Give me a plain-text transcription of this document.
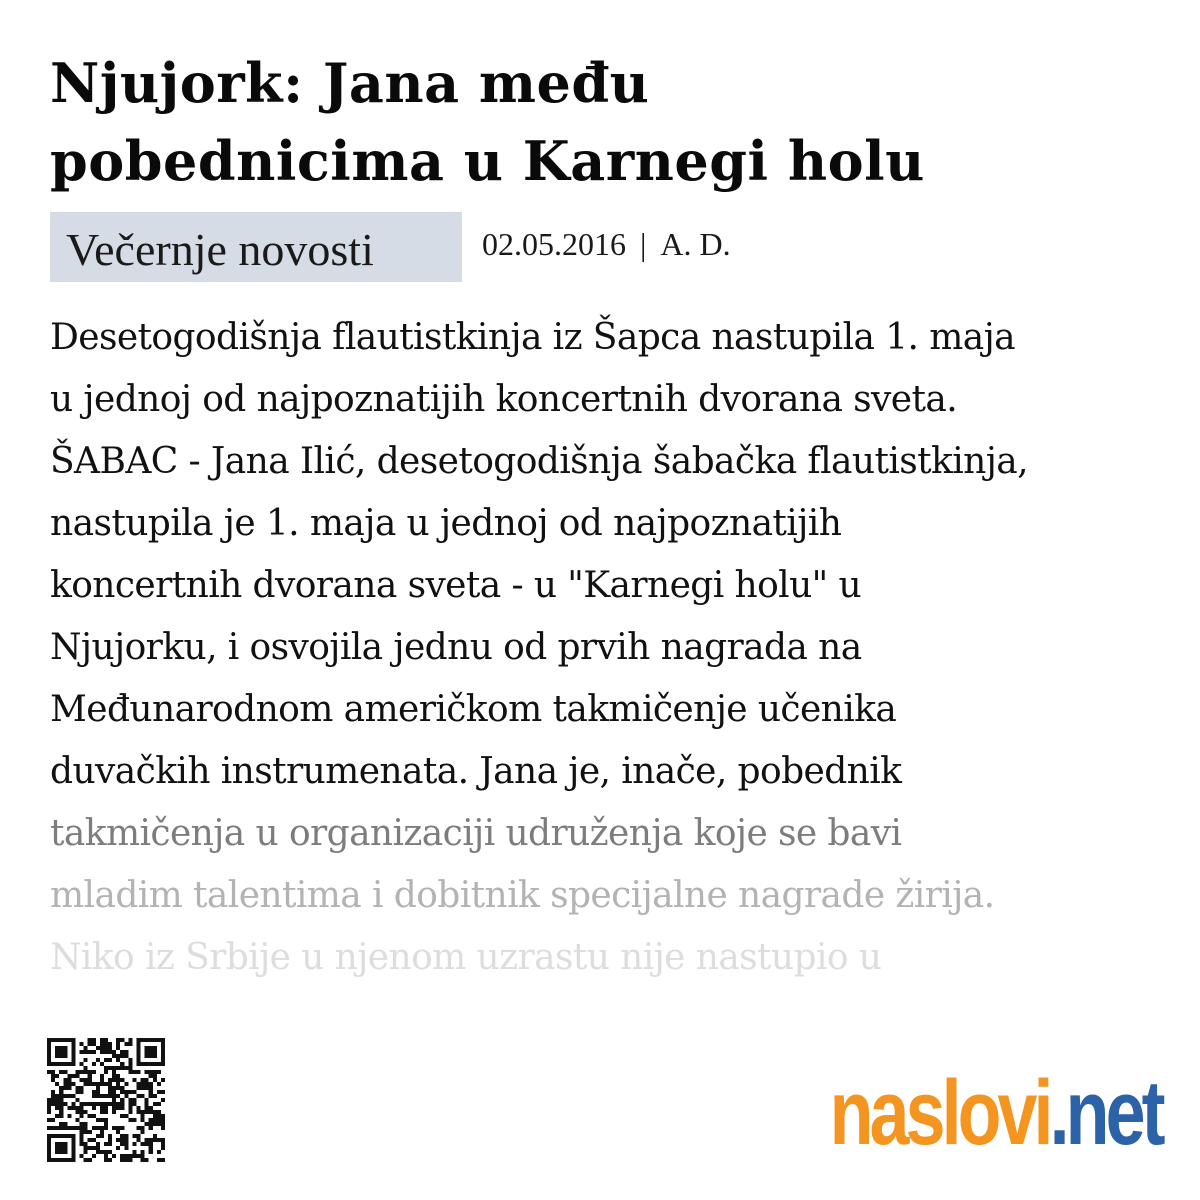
Njujork: Jana među
pobednicima u Karnegi holu
Večernje novosti	02.05.2016 | A. D.
Desetogodišnja flautistkinja iz Šapca nastupila 1. maja
u jednoj od najpoznatijih koncertnih dvorana sveta.
ŠABAC - Jana Ilić, desetogodišnja šabačka flautistkinja,
nastupila je 1. maja u jednoj od najpoznatijih
koncertnih dvorana sveta - u "Karnegi holu" u
Njujorku, i osvojila jednu od prvih nagrada na
Međunarodnom američkom takmičenje učenika
duvačkih instrumenata. Jana je, inače, pobednik
takmičenja u organizaciji udruženja koje se bavi
mladim talentima i dobitnik specijalne nagrade žirija.
Niko iz Srbije u njenom uzrastu nije nastupio u
naslovi.net
